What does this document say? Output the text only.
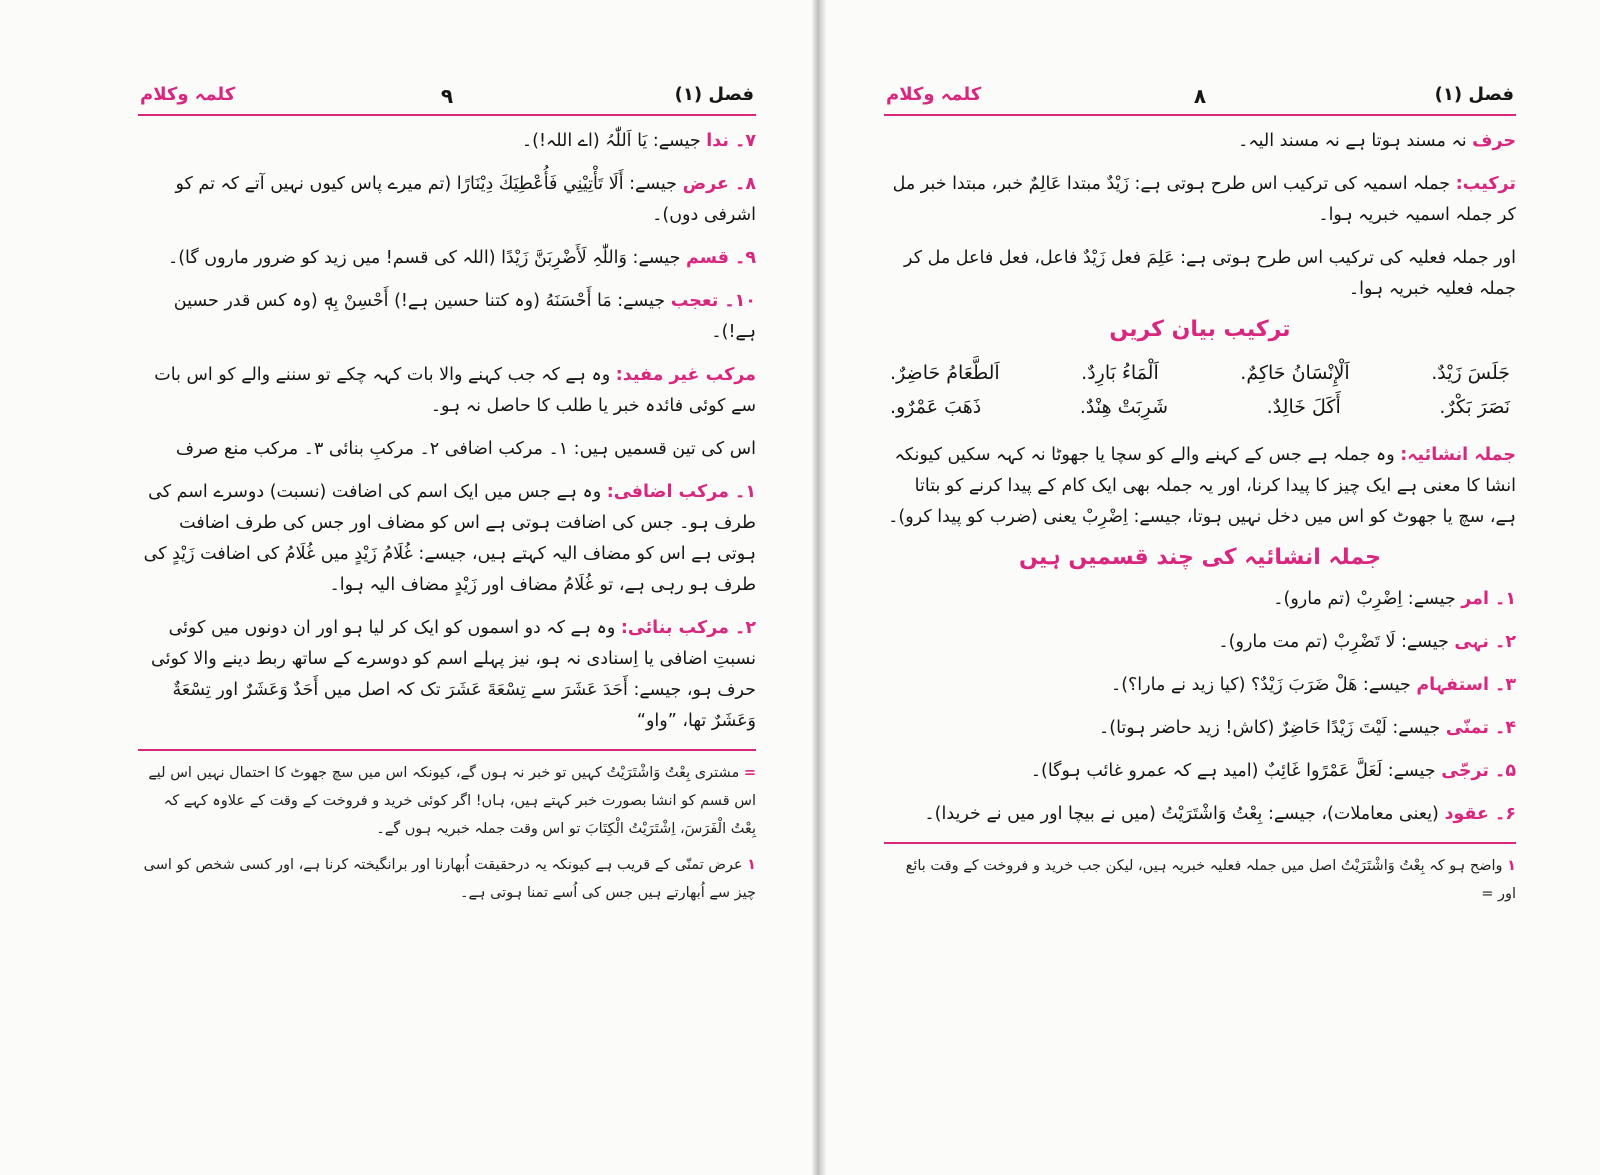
فصل (۱)
۹
کلمہ وکلام

۷۔ ندا جیسے: یَا اَللّٰہُ (اے اللہ!)۔

۸۔ عرض جیسے: أَلَا تَأْتِيْنِي فَأُعْطِيَكَ دِيْنَارًا (تم میرے پاس کیوں نہیں آتے کہ تم کو اشرفی دوں)۔

۹۔ قسم جیسے: وَاللّٰہِ لَأَضْرِبَنَّ زَيْدًا (اللہ کی قسم! میں زید کو ضرور ماروں گا)۔

۱۰۔ تعجب جیسے: مَا أَحْسَنَهُ (وہ کتنا حسین ہے!) أَحْسِنْ بِهٖ (وہ کس قدر حسین ہے!)۔

مرکب غیر مفید: وہ ہے کہ جب کہنے والا بات کہہ چکے تو سننے والے کو اس بات سے کوئی فائدہ خبر یا طلب کا حاصل نہ ہو۔

اس کی تین قسمیں ہیں: ۱۔ مرکب اضافی ۲۔ مرکبِ بنائی ۳۔ مرکب منع صرف

۱۔ مرکب اضافی: وہ ہے جس میں ایک اسم کی اضافت (نسبت) دوسرے اسم کی طرف ہو۔ جس کی اضافت ہوتی ہے اس کو مضاف اور جس کی طرف اضافت ہوتی ہے اس کو مضاف الیہ کہتے ہیں، جیسے: غُلَامُ زَيْدٍ میں غُلَامُ کی اضافت زَيْدٍ کی طرف ہو رہی ہے، تو غُلَامُ مضاف اور زَيْدٍ مضاف الیہ ہوا۔

۲۔ مرکب بنائی: وہ ہے کہ دو اسموں کو ایک کر لیا ہو اور ان دونوں میں کوئی نسبتِ اضافی یا اِسنادی نہ ہو، نیز پہلے اسم کو دوسرے کے ساتھ ربط دینے والا کوئی حرف ہو، جیسے: أَحَدَ عَشَرَ سے تِسْعَةَ عَشَرَ تک کہ اصل میں أَحَدٌ وَعَشَرٌ اور تِسْعَةٌ وَعَشَرٌ تھا، ”واو“

= مشتری بِعْتُ وَاشْتَرَيْتُ کہیں تو خبر نہ ہوں گے، کیونکہ اس میں سچ جھوٹ کا احتمال نہیں اس لیے اس قسم کو انشا بصورت خبر کہتے ہیں، ہاں! اگر کوئی خرید و فروخت کے وقت کے علاوہ کہے کہ بِعْتُ الْفَرَسَ، اِشْتَرَيْتُ الْكِتَابَ تو اس وقت جملہ خبریہ ہوں گے۔

۱ عرض تمنّی کے قریب ہے کیونکہ یہ درحقیقت اُبھارنا اور برانگیختہ کرنا ہے، اور کسی شخص کو اسی چیز سے اُبھارتے ہیں جس کی اُسے تمنا ہوتی ہے۔

فصل (۱)
۸
کلمہ وکلام

حرف نہ مسند ہوتا ہے نہ مسند الیہ۔

ترکیب: جملہ اسمیہ کی ترکیب اس طرح ہوتی ہے: زَيْدٌ مبتدا عَالِمٌ خبر، مبتدا خبر مل کر جملہ اسمیہ خبریہ ہوا۔

اور جملہ فعلیہ کی ترکیب اس طرح ہوتی ہے: عَلِمَ فعل زَيْدٌ فاعل، فعل فاعل مل کر جملہ فعلیہ خبریہ ہوا۔

ترکیب بیان کریں
جَلَسَ زَيْدٌ.
اَلْإِنْسَانُ حَاكِمٌ.
اَلْمَاءُ بَارِدٌ.
اَلطَّعَامُ حَاضِرٌ.
نَصَرَ بَكْرٌ.
أَكَلَ خَالِدٌ.
شَرِبَتْ هِنْدٌ.
ذَهَبَ عَمْرٌو.

جملہ انشائیہ: وہ جملہ ہے جس کے کہنے والے کو سچا یا جھوٹا نہ کہہ سکیں کیونکہ انشا کا معنی ہے ایک چیز کا پیدا کرنا، اور یہ جملہ بھی ایک کام کے پیدا کرنے کو بتاتا ہے، سچ یا جھوٹ کو اس میں دخل نہیں ہوتا، جیسے: اِضْرِبْ یعنی (ضرب کو پیدا کرو)۔

جملہ انشائیہ کی چند قسمیں ہیں

۱۔ امر جیسے: اِضْرِبْ (تم مارو)۔

۲۔ نہی جیسے: لَا تَضْرِبْ (تم مت مارو)۔

۳۔ استفہام جیسے: هَلْ ضَرَبَ زَيْدٌ؟ (کیا زید نے مارا؟)۔

۴۔ تمنّی جیسے: لَيْتَ زَيْدًا حَاضِرٌ (کاش! زید حاضر ہوتا)۔

۵۔ ترجّی جیسے: لَعَلَّ عَمْرًوا غَائِبٌ (امید ہے کہ عمرو غائب ہوگا)۔

۶۔ عقود (یعنی معاملات)، جیسے: بِعْتُ وَاشْتَرَيْتُ (میں نے بیچا اور میں نے خریدا)۔

۱ واضح ہو کہ بِعْتُ وَاشْتَرَيْتُ اصل میں جملہ فعلیہ خبریہ ہیں، لیکن جب خرید و فروخت کے وقت بائع اور =
